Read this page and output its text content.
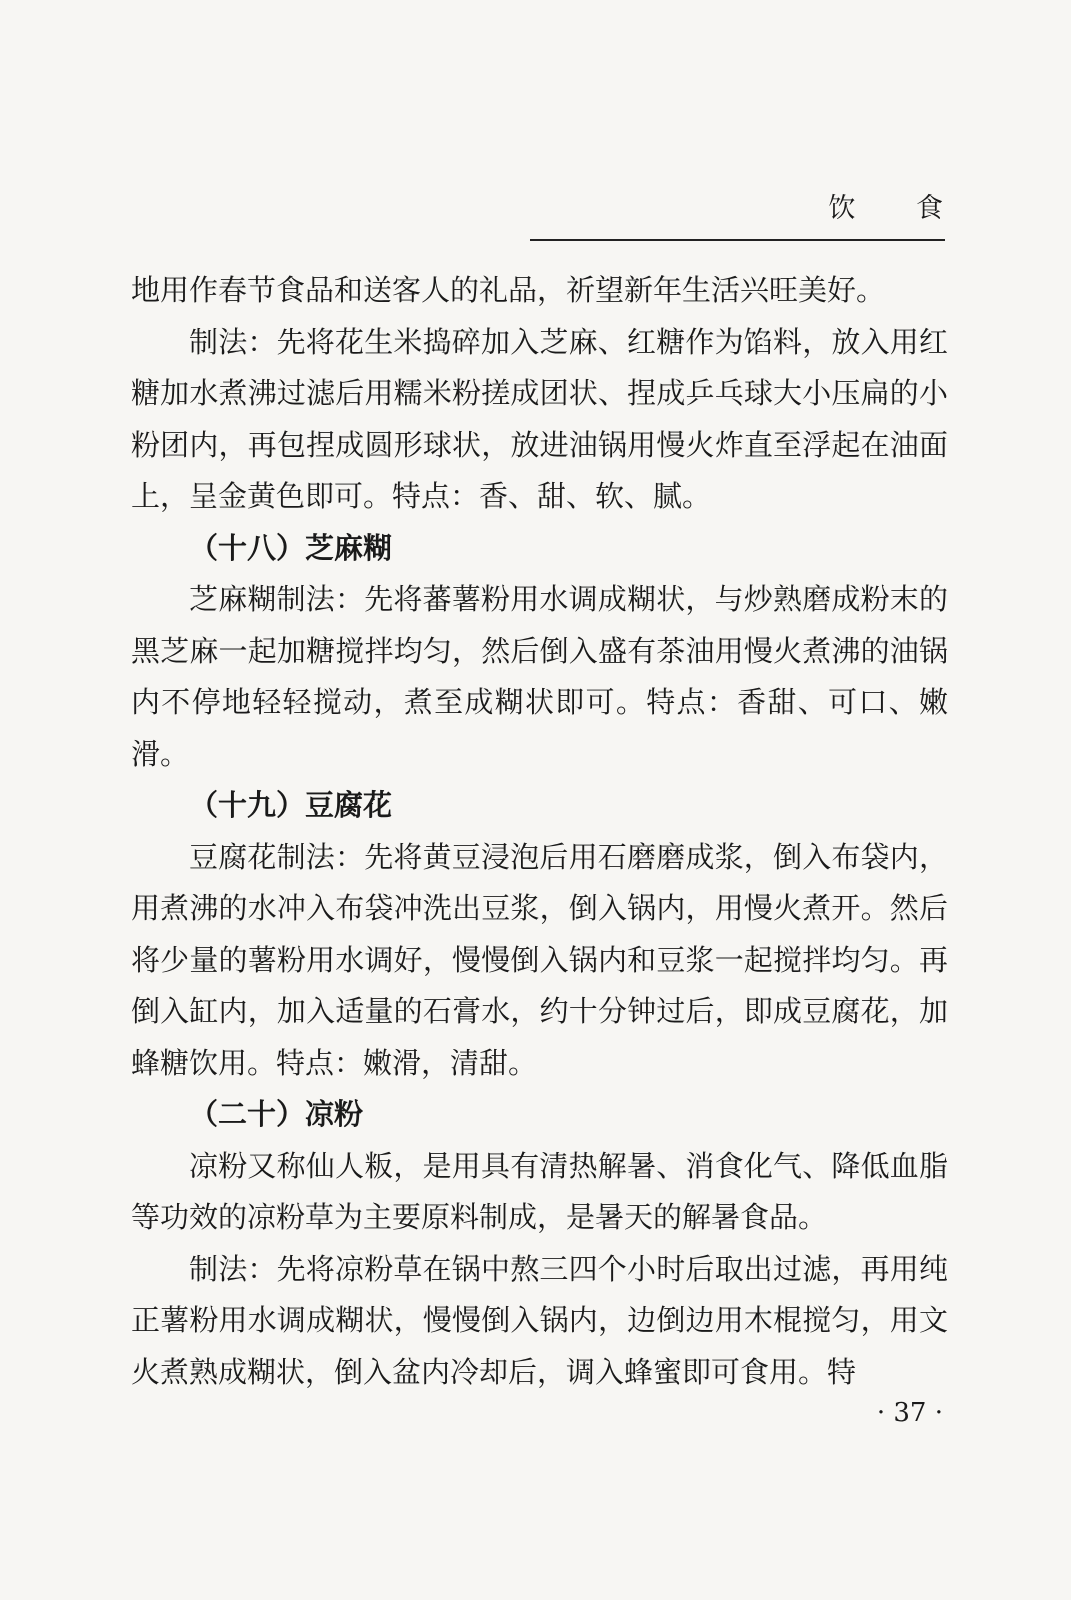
饮 食

地用作春节食品和送客人的礼品，祈望新年生活兴旺美好。

制法：先将花生米捣碎加入芝麻、红糖作为馅料，放入用红糖加水煮沸过滤后用糯米粉搓成团状、捏成乒乓球大小压扁的小粉团内，再包捏成圆形球状，放进油锅用慢火炸直至浮起在油面上，呈金黄色即可。特点：香、甜、软、腻。

（十八）芝麻糊

芝麻糊制法：先将蕃薯粉用水调成糊状，与炒熟磨成粉末的黑芝麻一起加糖搅拌均匀，然后倒入盛有茶油用慢火煮沸的油锅内不停地轻轻搅动，煮至成糊状即可。特点：香甜、可口、嫩滑。

（十九）豆腐花

豆腐花制法：先将黄豆浸泡后用石磨磨成浆，倒入布袋内，用煮沸的水冲入布袋冲洗出豆浆，倒入锅内，用慢火煮开。然后将少量的薯粉用水调好，慢慢倒入锅内和豆浆一起搅拌均匀。再倒入缸内，加入适量的石膏水，约十分钟过后，即成豆腐花，加蜂糖饮用。特点：嫩滑，清甜。

（二十）凉粉

凉粉又称仙人粄，是用具有清热解暑、消食化气、降低血脂等功效的凉粉草为主要原料制成，是暑天的解暑食品。

制法：先将凉粉草在锅中熬三四个小时后取出过滤，再用纯正薯粉用水调成糊状，慢慢倒入锅内，边倒边用木棍搅匀，用文火煮熟成糊状，倒入盆内冷却后，调入蜂蜜即可食用。特

· 37 ·
